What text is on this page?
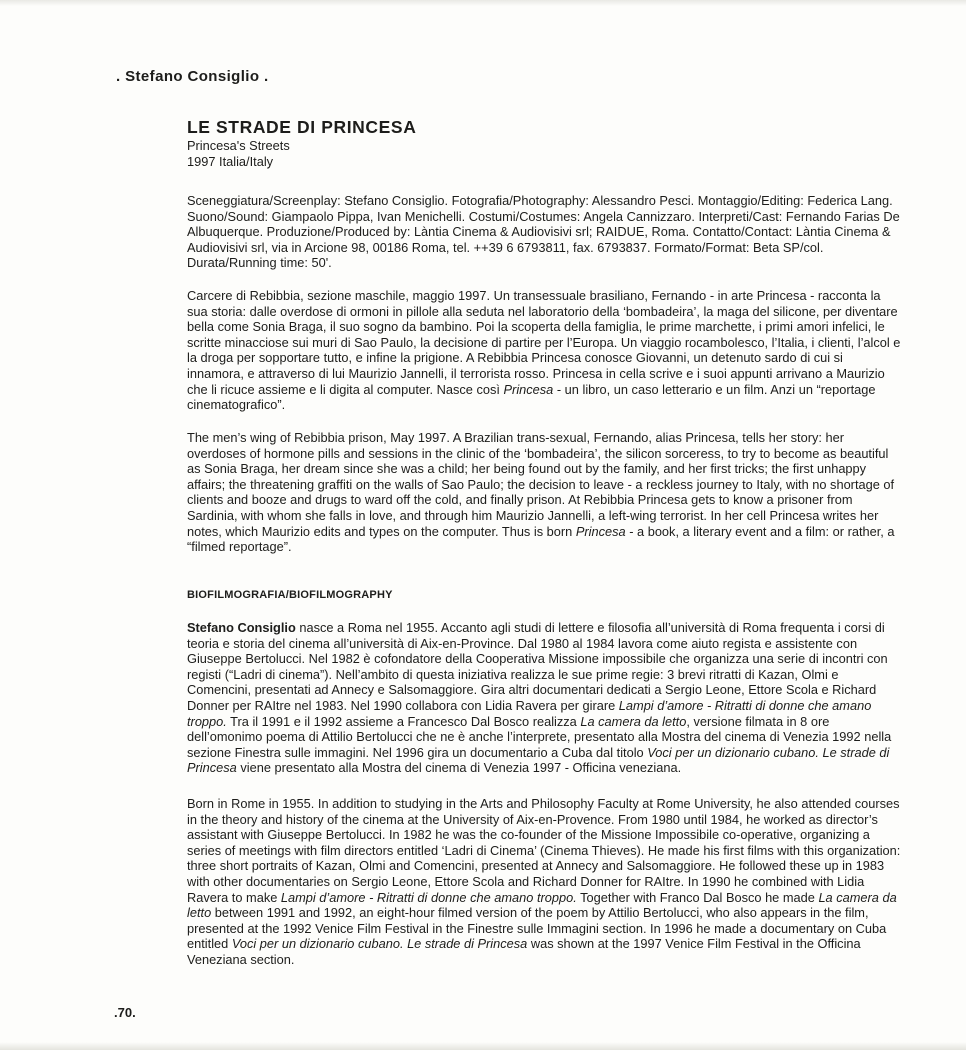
. Stefano Consiglio .
LE STRADE DI PRINCESA
Princesa's Streets
1997 Italia/Italy

Sceneggiatura/Screenplay: Stefano Consiglio. Fotografia/Photography: Alessandro Pesci. Montaggio/Editing: Federica Lang. Suono/Sound: Giampaolo Pippa, Ivan Menichelli. Costumi/Costumes: Angela Cannizzaro. Interpreti/Cast: Fernando Farias De Albuquerque. Produzione/Produced by: Làntia Cinema & Audiovisivi srl; RAIDUE, Roma. Contatto/Contact: Làntia Cinema & Audiovisivi srl, via in Arcione 98, 00186 Roma, tel. ++39 6 6793811, fax. 6793837. Formato/Format: Beta SP/col. Durata/Running time: 50'.

Carcere di Rebibbia, sezione maschile, maggio 1997. Un transessuale brasiliano, Fernando - in arte Princesa - racconta la sua storia: dalle overdose di ormoni in pillole alla seduta nel laboratorio della ‘bombadeira’, la maga del silicone, per diventare bella come Sonia Braga, il suo sogno da bambino. Poi la scoperta della famiglia, le prime marchette, i primi amori infelici, le scritte minacciose sui muri di Sao Paulo, la decisione di partire per l’Europa. Un viaggio rocambolesco, l’Italia, i clienti, l’alcol e la droga per sopportare tutto, e infine la prigione. A Rebibbia Princesa conosce Giovanni, un detenuto sardo di cui si innamora, e attraverso di lui Maurizio Jannelli, il terrorista rosso. Princesa in cella scrive e i suoi appunti arrivano a Maurizio che li ricuce assieme e li digita al computer. Nasce così Princesa - un libro, un caso letterario e un film. Anzi un “reportage cinematografico”.

The men’s wing of Rebibbia prison, May 1997. A Brazilian trans-sexual, Fernando, alias Princesa, tells her story: her overdoses of hormone pills and sessions in the clinic of the ‘bombadeira’, the silicon sorceress, to try to become as beautiful as Sonia Braga, her dream since she was a child; her being found out by the family, and her first tricks; the first unhappy affairs; the threatening graffiti on the walls of Sao Paulo; the decision to leave - a reckless journey to Italy, with no shortage of clients and booze and drugs to ward off the cold, and finally prison. At Rebibbia Princesa gets to know a prisoner from Sardinia, with whom she falls in love, and through him Maurizio Jannelli, a left-wing terrorist. In her cell Princesa writes her notes, which Maurizio edits and types on the computer. Thus is born Princesa - a book, a literary event and a film: or rather, a “filmed reportage”.

BIOFILMOGRAFIA/BIOFILMOGRAPHY

Stefano Consiglio nasce a Roma nel 1955. Accanto agli studi di lettere e filosofia all’università di Roma frequenta i corsi di teoria e storia del cinema all’università di Aix-en-Province. Dal 1980 al 1984 lavora come aiuto regista e assistente con Giuseppe Bertolucci. Nel 1982 è cofondatore della Cooperativa Missione impossibile che organizza una serie di incontri con registi (“Ladri di cinema”). Nell’ambito di questa iniziativa realizza le sue prime regie: 3 brevi ritratti di Kazan, Olmi e Comencini, presentati ad Annecy e Salsomaggiore. Gira altri documentari dedicati a Sergio Leone, Ettore Scola e Richard Donner per RAItre nel 1983. Nel 1990 collabora con Lidia Ravera per girare Lampi d’amore - Ritratti di donne che amano troppo. Tra il 1991 e il 1992 assieme a Francesco Dal Bosco realizza La camera da letto, versione filmata in 8 ore dell’omonimo poema di Attilio Bertolucci che ne è anche l’interprete, presentato alla Mostra del cinema di Venezia 1992 nella sezione Finestra sulle immagini. Nel 1996 gira un documentario a Cuba dal titolo Voci per un dizionario cubano. Le strade di Princesa viene presentato alla Mostra del cinema di Venezia 1997 - Officina veneziana.

Born in Rome in 1955. In addition to studying in the Arts and Philosophy Faculty at Rome University, he also attended courses in the theory and history of the cinema at the University of Aix-en-Provence. From 1980 until 1984, he worked as director’s assistant with Giuseppe Bertolucci. In 1982 he was the co-founder of the Missione Impossibile co-operative, organizing a series of meetings with film directors entitled ‘Ladri di Cinema’ (Cinema Thieves). He made his first films with this organization: three short portraits of Kazan, Olmi and Comencini, presented at Annecy and Salsomaggiore. He followed these up in 1983 with other documentaries on Sergio Leone, Ettore Scola and Richard Donner for RAItre. In 1990 he combined with Lidia Ravera to make Lampi d’amore - Ritratti di donne che amano troppo. Together with Franco Dal Bosco he made La camera da letto between 1991 and 1992, an eight-hour filmed version of the poem by Attilio Bertolucci, who also appears in the film, presented at the 1992 Venice Film Festival in the Finestre sulle Immagini section. In 1996 he made a documentary on Cuba entitled Voci per un dizionario cubano. Le strade di Princesa was shown at the 1997 Venice Film Festival in the Officina Veneziana section.

.70.
